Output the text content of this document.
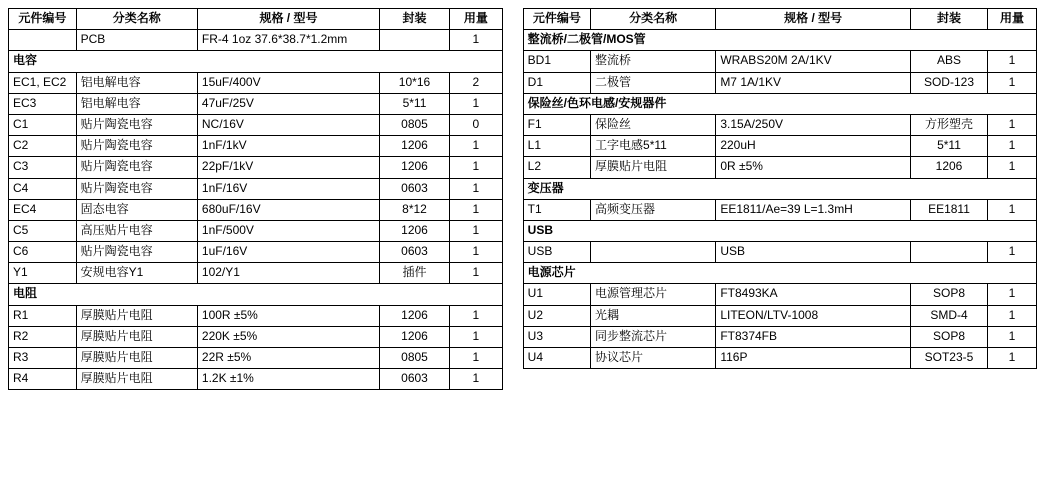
元件编号	分类名称	规格 / 型号	封装	用量
	PCB	FR-4 1oz 37.6*38.7*1.2mm		1
电容				
EC1, EC2	铝电解电容	15uF/400V	10*16	2
EC3	铝电解电容	47uF/25V	5*11	1
C1	贴片陶瓷电容	NC/16V	0805	0
C2	贴片陶瓷电容	1nF/1kV	1206	1
C3	贴片陶瓷电容	22pF/1kV	1206	1
C4	贴片陶瓷电容	1nF/16V	0603	1
EC4	固态电容	680uF/16V	8*12	1
C5	高压贴片电容	1nF/500V	1206	1
C6	贴片陶瓷电容	1uF/16V	0603	1
Y1	安规电容Y1	102/Y1	插件	1
电阻				
R1	厚膜贴片电阻	100R ±5%	1206	1
R2	厚膜贴片电阻	220K ±5%	1206	1
R3	厚膜贴片电阻	22R ±5%	0805	1
R4	厚膜贴片电阻	1.2K ±1%	0603	1
元件编号	分类名称	规格 / 型号	封装	用量
整流桥/二极管/MOS管				
BD1	整流桥	WRABS20M 2A/1KV	ABS	1
D1	二极管	M7 1A/1KV	SOD-123	1
保险丝/色环电感/安规器件				
F1	保险丝	3.15A/250V	方形塑壳	1
L1	工字电感5*11	220uH	5*11	1
L2	厚膜贴片电阻	0R ±5%	1206	1
变压器				
T1	高频变压器	EE1811/Ae=39 L=1.3mH	EE1811	1
USB				
USB		USB		1
电源芯片				
U1	电源管理芯片	FT8493KA	SOP8	1
U2	光耦	LITEON/LTV-1008	SMD-4	1
U3	同步整流芯片	FT8374FB	SOP8	1
U4	协议芯片	116P	SOT23-5	1
